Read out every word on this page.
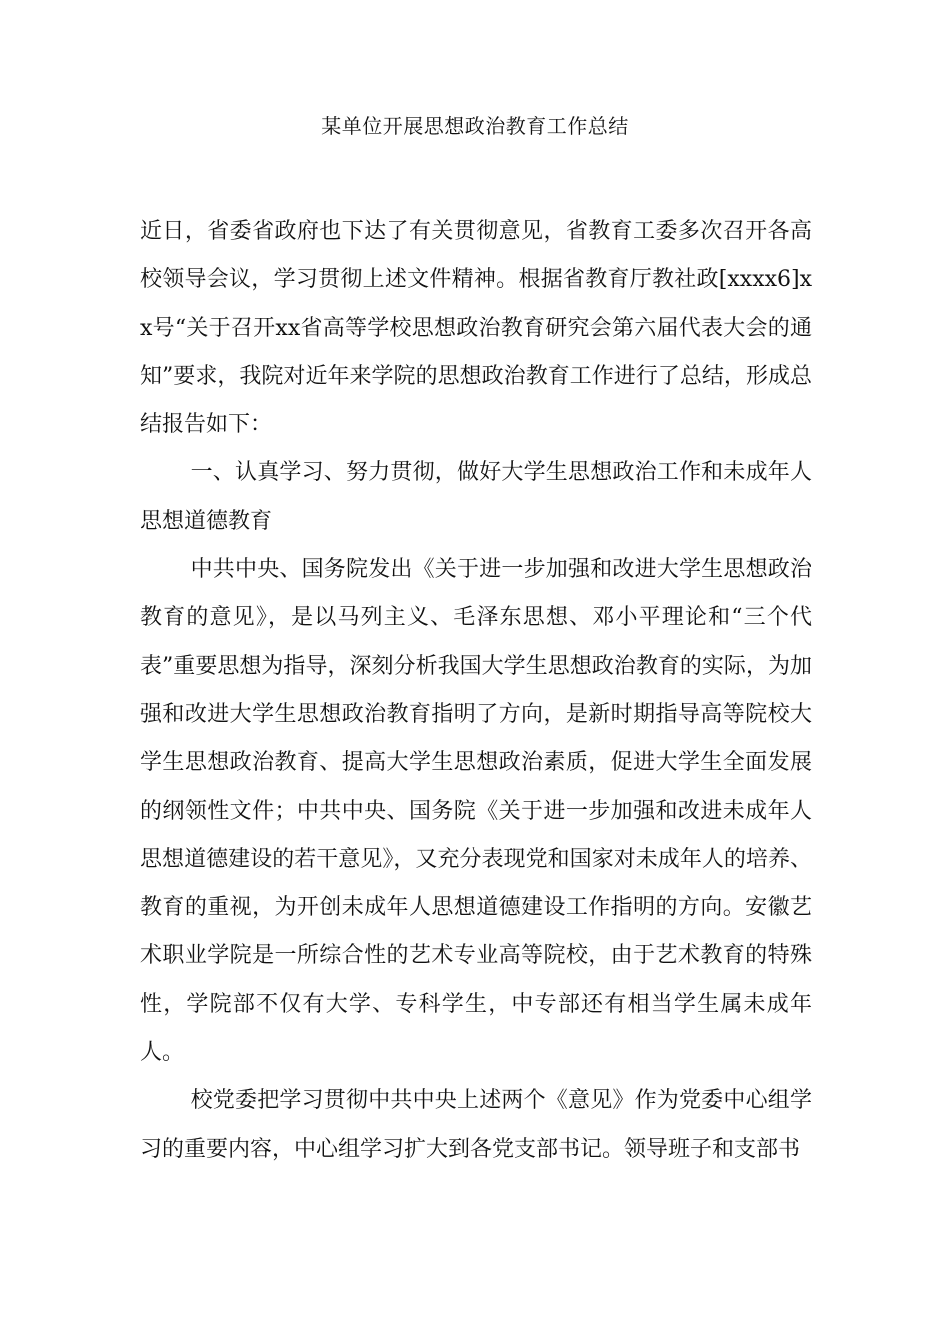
某单位开展思想政治教育工作总结

近日，省委省政府也下达了有关贯彻意见，省教育工委多次召开各高校领导会议，学习贯彻上述文件精神。根据省教育厅教社政[xxxx6]xx号“关于召开xx省高等学校思想政治教育研究会第六届代表大会的通知”要求，我院对近年来学院的思想政治教育工作进行了总结，形成总结报告如下：

一、认真学习、努力贯彻，做好大学生思想政治工作和未成年人思想道德教育

中共中央、国务院发出《关于进一步加强和改进大学生思想政治教育的意见》，是以马列主义、毛泽东思想、邓小平理论和“三个代表”重要思想为指导，深刻分析我国大学生思想政治教育的实际，为加强和改进大学生思想政治教育指明了方向，是新时期指导高等院校大学生思想政治教育、提高大学生思想政治素质，促进大学生全面发展的纲领性文件；中共中央、国务院《关于进一步加强和改进未成年人思想道德建设的若干意见》，又充分表现党和国家对未成年人的培养、教育的重视，为开创未成年人思想道德建设工作指明的方向。安徽艺术职业学院是一所综合性的艺术专业高等院校，由于艺术教育的特殊性，学院部不仅有大学、专科学生，中专部还有相当学生属未成年人。

校党委把学习贯彻中共中央上述两个《意见》作为党委中心组学习的重要内容，中心组学习扩大到各党支部书记。领导班子和支部书
